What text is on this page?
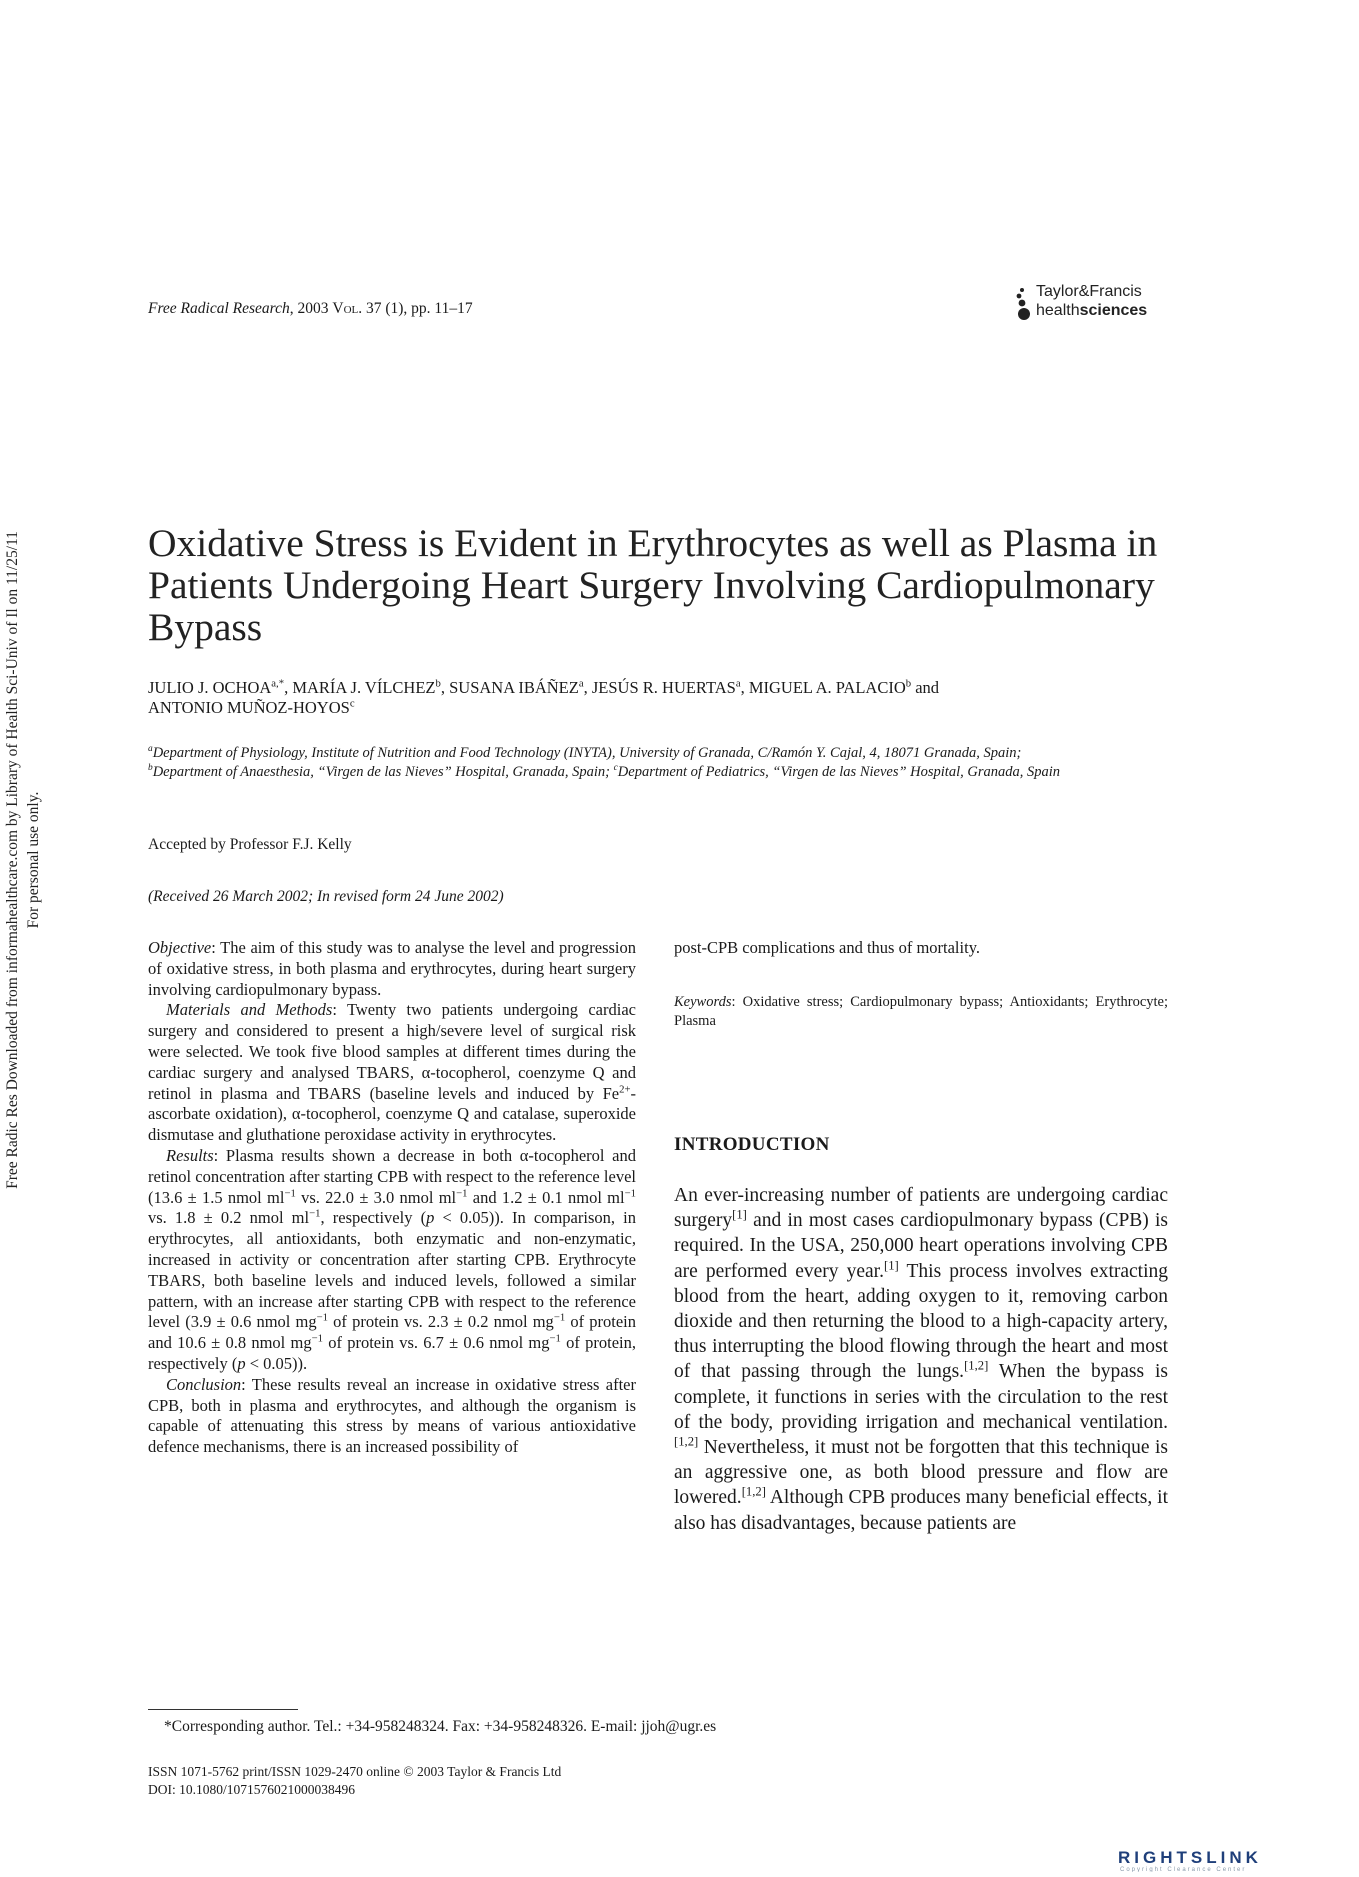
Free Radic Res Downloaded from informahealthcare.com by Library of Health Sci-Univ of Il on 11/25/11 For personal use only.
Free Radical Research, 2003 Vol. 37 (1), pp. 11–17
Taylor&Francis
healthsciences
Oxidative Stress is Evident in Erythrocytes as well as Plasma in Patients Undergoing Heart Surgery Involving Cardiopulmonary Bypass
JULIO J. $OCHOA^{a,*}$, MARÍA J. VÍLCHEZ$^b$, SUSANA IBÁÑEZ$^a$, JESÚS R. HUERTAS$^a$, MIGUEL A. PALACIO$^b$ and
ANTONIO MUÑOZ-HOYOS$^c$
$^a$Department of Physiology, Institute of Nutrition and Food Technology (INYTA), University of Granada, C/Ramón Y. Cajal, 4, 18071 Granada, Spain;
$^b$Department of Anaesthesia, “Virgen de las Nieves” Hospital, Granada, Spain; $^c$Department of Pediatrics, “Virgen de las Nieves” Hospital, Granada, Spain
Accepted by Professor F.J. Kelly
(Received 26 March 2002; In revised form 24 June 2002)

Objective: The aim of this study was to analyse the level and progression of oxidative stress, in both plasma and erythrocytes, during heart surgery involving cardiopulmonary bypass.

Materials and Methods: Twenty two patients undergoing cardiac surgery and considered to present a high/severe level of surgical risk were selected. We took five blood samples at different times during the cardiac surgery and analysed TBARS, α-tocopherol, coenzyme Q and retinol in plasma and TBARS (baseline levels and induced by $Fe^{2+}$-ascorbate oxidation), α-tocopherol, coenzyme Q and catalase, superoxide dismutase and gluthatione peroxidase activity in erythrocytes.

Results: Plasma results shown a decrease in both α-tocopherol and retinol concentration after starting CPB with respect to the reference level (13.6 ± 1.5 nmol $ml^{-1}$ vs. 22.0 ± 3.0 nmol $ml^{-1}$ and 1.2 ± 0.1 nmol $ml^{-1}$ vs. 1.8 ± 0.2 nmol $ml^{-1}$, respectively (p < 0.05)). In comparison, in erythrocytes, all antioxidants, both enzymatic and non-enzymatic, increased in activity or concentration after starting CPB. Erythrocyte TBARS, both baseline levels and induced levels, followed a similar pattern, with an increase after starting CPB with respect to the reference level (3.9 ± 0.6 nmol $mg^{-1}$ of protein vs. 2.3 ± 0.2 nmol $mg^{-1}$ of protein and 10.6 ± 0.8 nmol $mg^{-1}$ of protein vs. 6.7 ± 0.6 nmol $mg^{-1}$ of protein, respectively (p < 0.05)).

Conclusion: These results reveal an increase in oxidative stress after CPB, both in plasma and erythrocytes, and although the organism is capable of attenuating this stress by means of various antioxidative defence mechanisms, there is an increased possibility of

post-CPB complications and thus of mortality.
Keywords: Oxidative stress; Cardiopulmonary bypass; Antioxidants; Erythrocyte; Plasma
INTRODUCTION
An ever-increasing number of patients are undergoing cardiac surgery[1] and in most cases cardiopulmonary bypass (CPB) is required. In the USA, 250,000 heart operations involving CPB are performed every year.[1] This process involves extracting blood from the heart, adding oxygen to it, removing carbon dioxide and then returning the blood to a high-capacity artery, thus interrupting the blood flowing through the heart and most of that passing through the lungs.[1,2] When the bypass is complete, it functions in series with the circulation to the rest of the body, providing irrigation and mechanical ventilation.[1,2] Nevertheless, it must not be forgotten that this technique is an aggressive one, as both blood pressure and flow are lowered.[1,2] Although CPB produces many beneficial effects, it also has disadvantages, because patients are
*Corresponding author. Tel.: +34-958248324. Fax: +34-958248326. E-mail: jjoh@ugr.es
ISSN 1071-5762 print/ISSN 1029-2470 online © 2003 Taylor & Francis Ltd
DOI: 10.1080/1071576021000038496
RIGHTSLINK
Copyright Clearance Center
